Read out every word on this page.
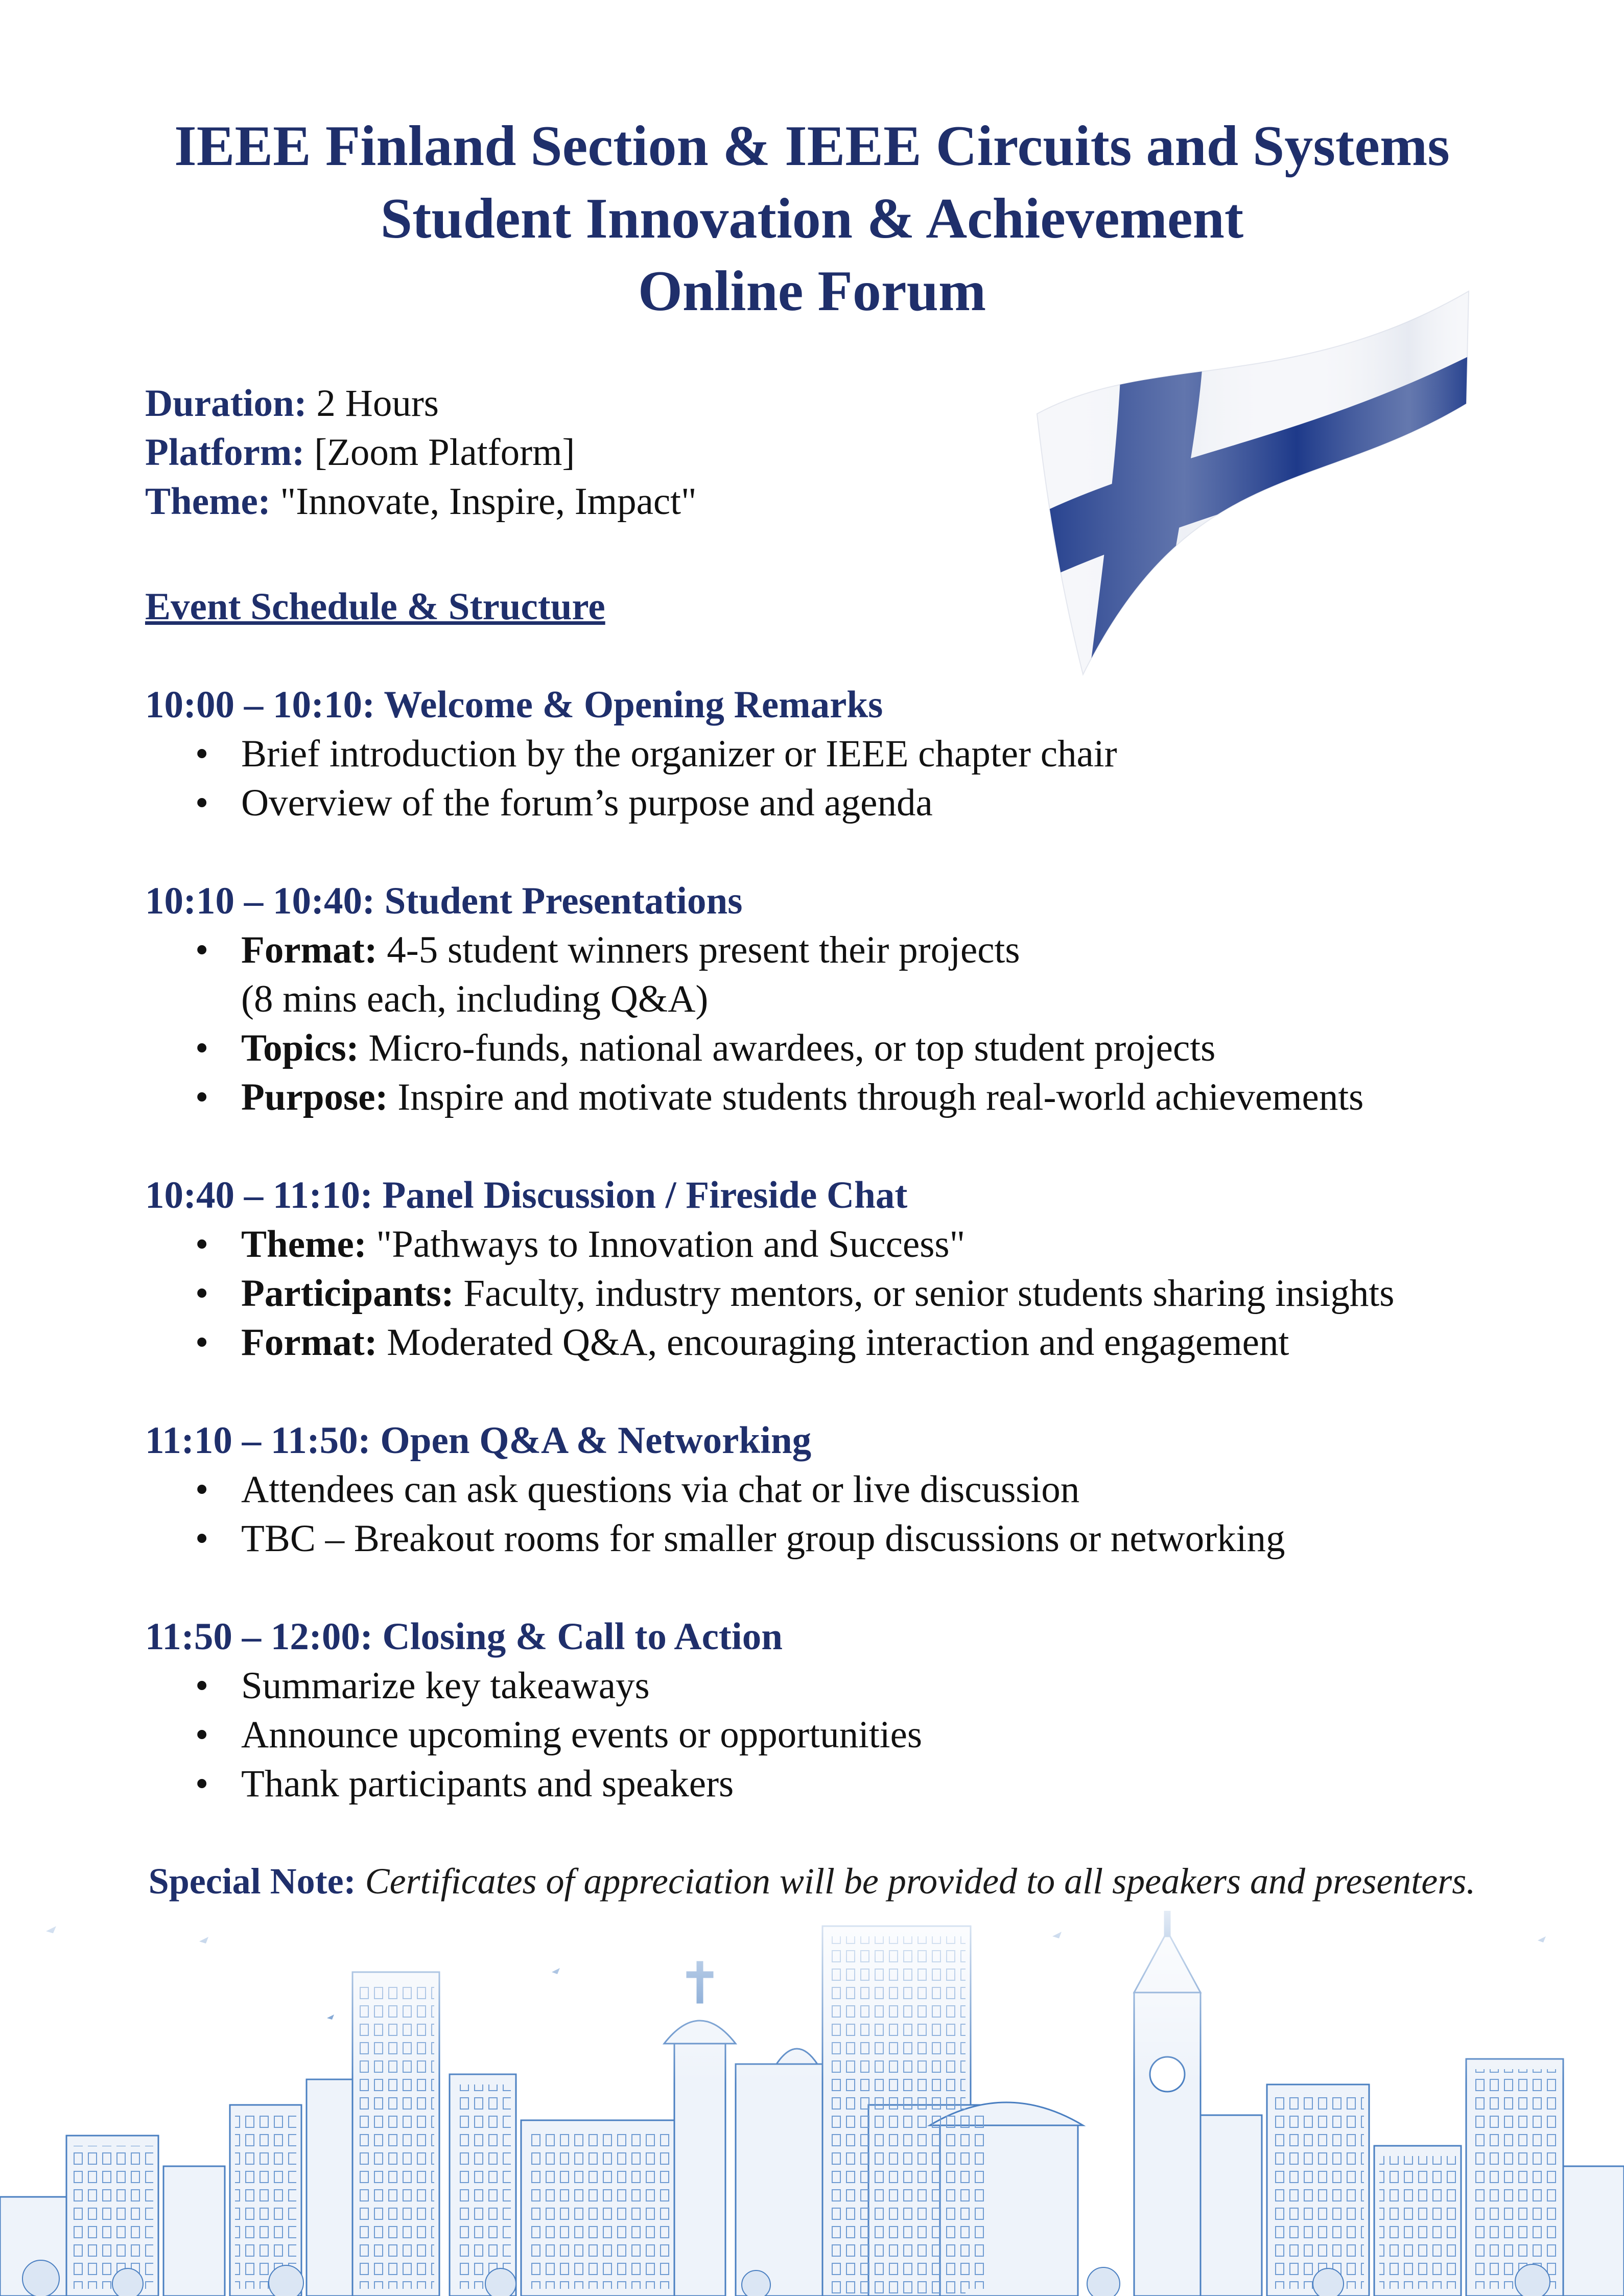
IEEE Finland Section & IEEE Circuits and Systems
Student Innovation & Achievement
Online Forum
Duration: 2 Hours
Platform: [Zoom Platform]
Theme: "Innovate, Inspire, Impact"
Event Schedule & Structure
10:00 – 10:10: Welcome & Opening Remarks
• Brief introduction by the organizer or IEEE chapter chair
• Overview of the forum’s purpose and agenda
10:10 – 10:40: Student Presentations
• Format: 4-5 student winners present their projects
(8 mins each, including Q&A)
• Topics: Micro-funds, national awardees, or top student projects
• Purpose: Inspire and motivate students through real-world achievements
10:40 – 11:10: Panel Discussion / Fireside Chat
• Theme: "Pathways to Innovation and Success"
• Participants: Faculty, industry mentors, or senior students sharing insights
• Format: Moderated Q&A, encouraging interaction and engagement
11:10 – 11:50: Open Q&A & Networking
• Attendees can ask questions via chat or live discussion
• TBC – Breakout rooms for smaller group discussions or networking
11:50 – 12:00: Closing & Call to Action
• Summarize key takeaways
• Announce upcoming events or opportunities
• Thank participants and speakers
Special Note: Certificates of appreciation will be provided to all speakers and presenters.
